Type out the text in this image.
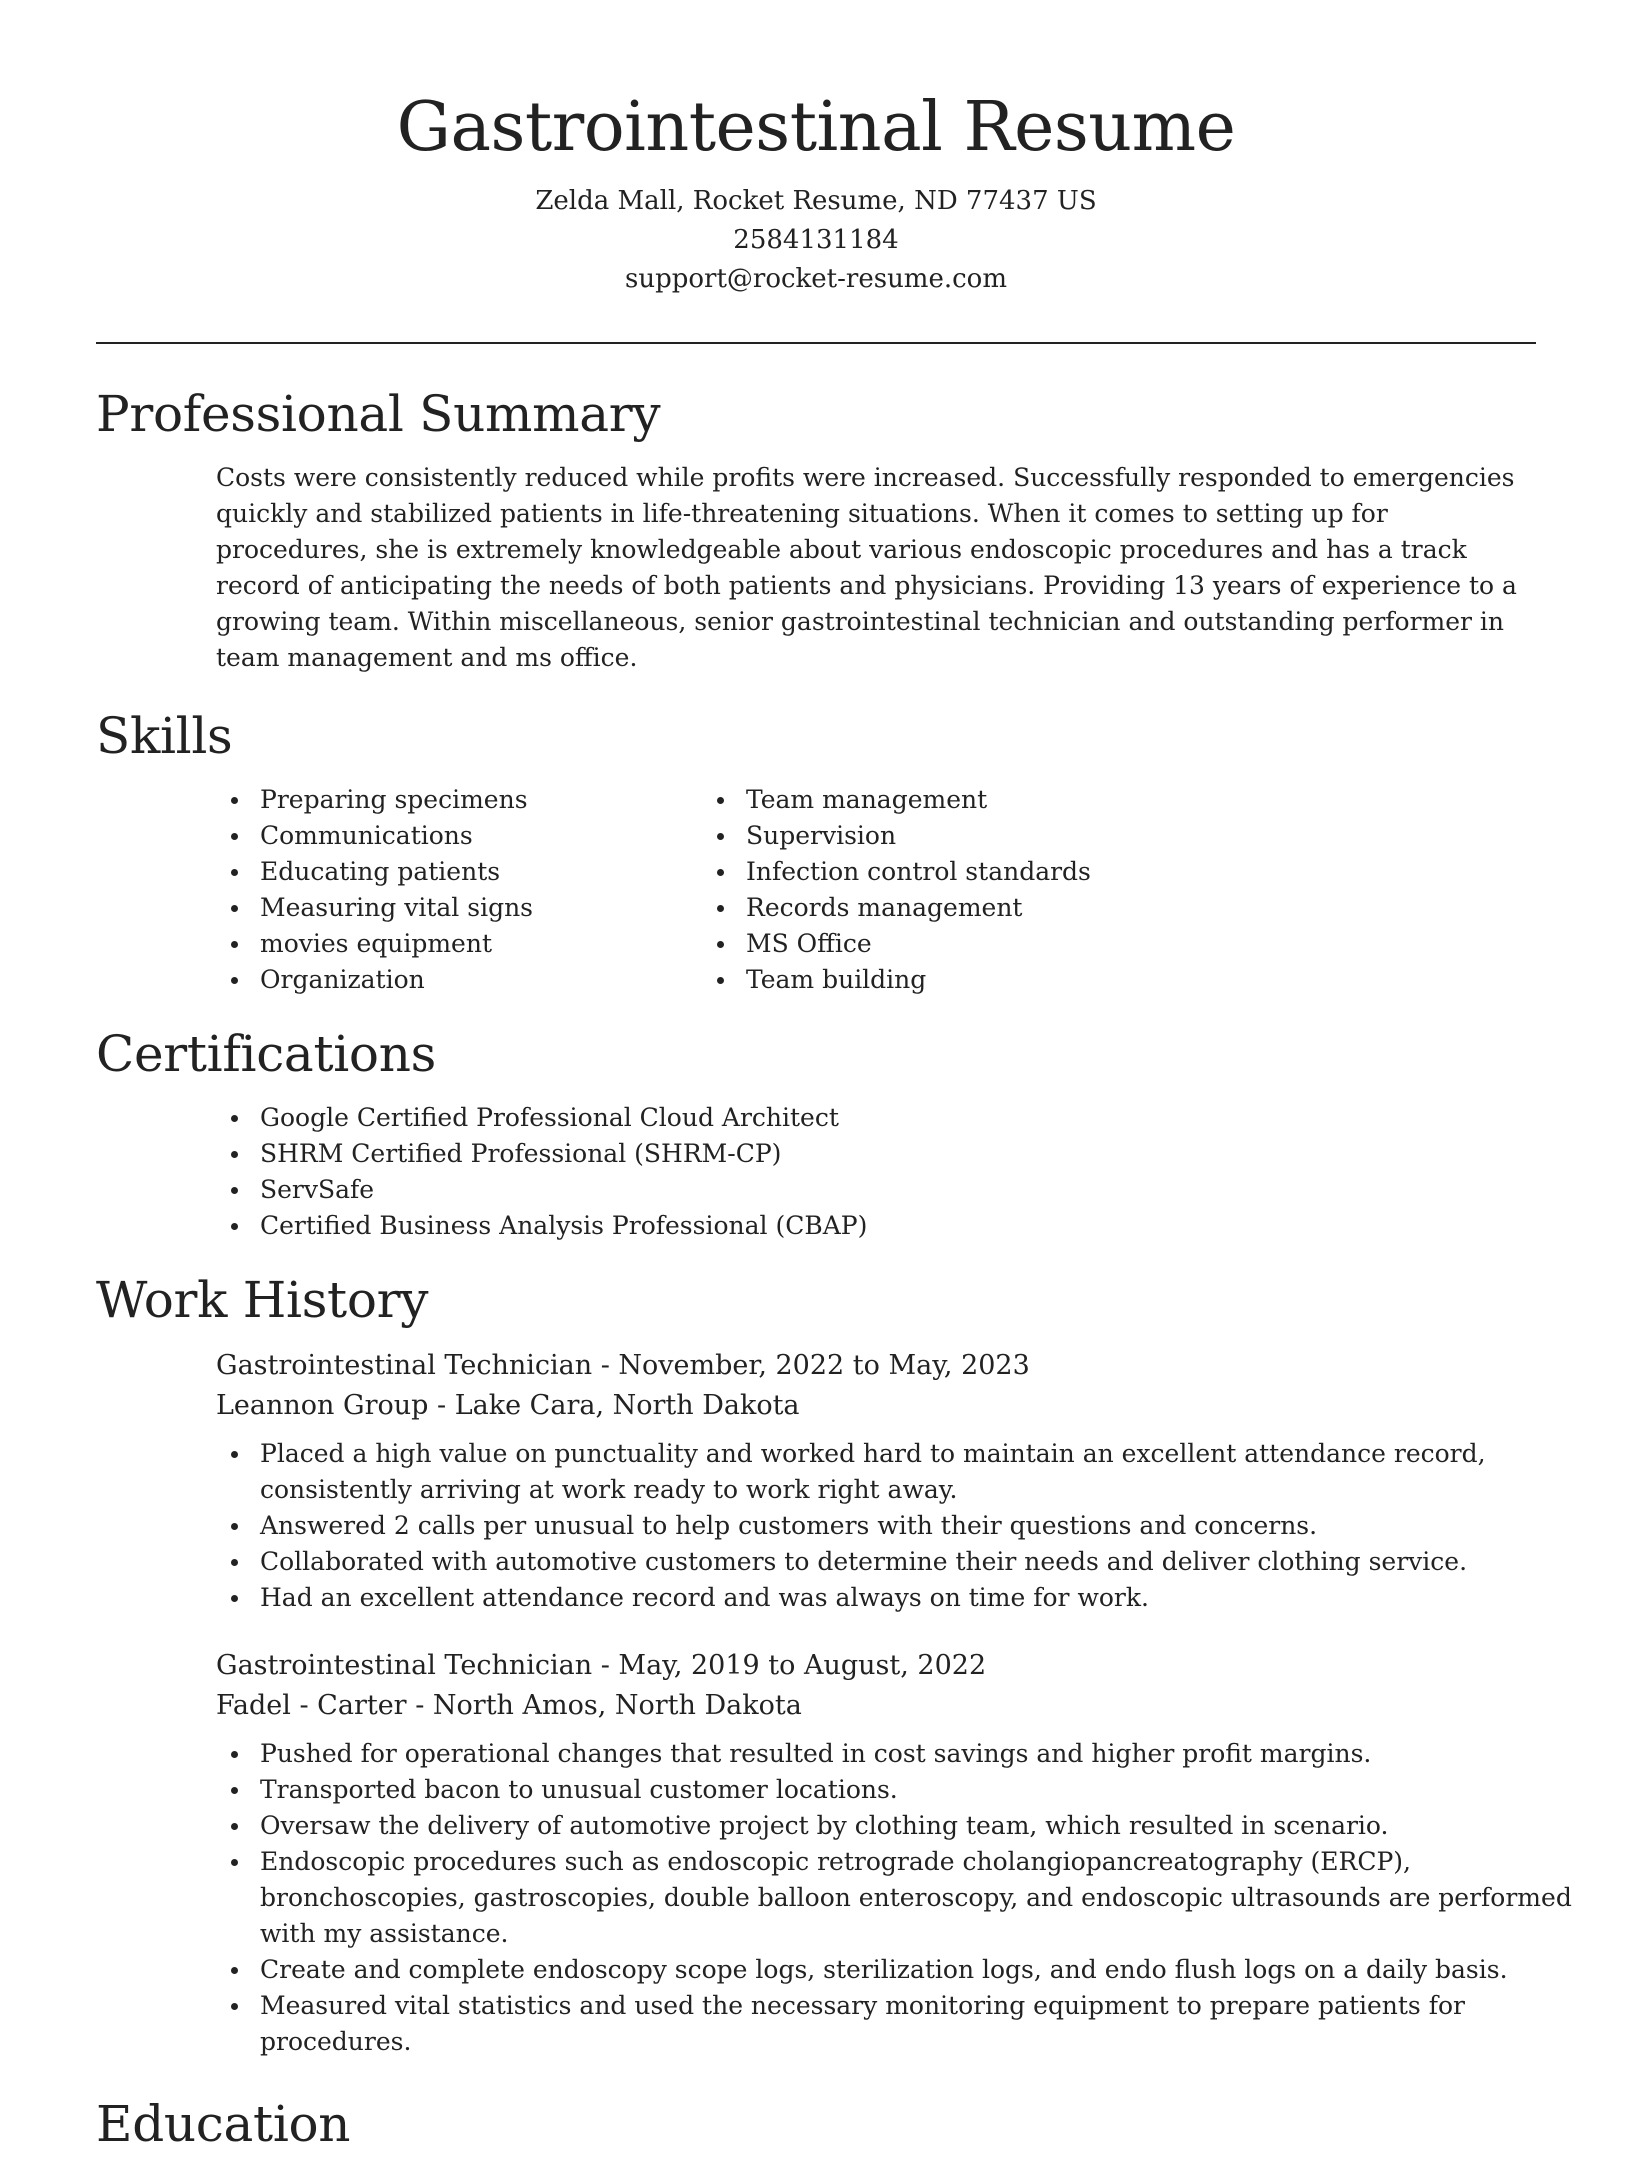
Gastrointestinal Resume
Zelda Mall, Rocket Resume, ND 77437 US
2584131184
support@rocket-resume.com
Professional Summary

Costs were consistently reduced while profits were increased. Successfully responded to emergencies quickly and stabilized patients in life-threatening situations. When it comes to setting up for procedures, she is extremely knowledgeable about various endoscopic procedures and has a track record of anticipating the needs of both patients and physicians. Providing 13 years of experience to a growing team. Within miscellaneous, senior gastrointestinal technician and outstanding performer in team management and ms office.

Skills
Preparing specimens
Communications
Educating patients
Measuring vital signs
movies equipment
Organization
Team management
Supervision
Infection control standards
Records management
MS Office
Team building
Certifications
Google Certified Professional Cloud Architect
SHRM Certified Professional (SHRM-CP)
ServSafe
Certified Business Analysis Professional (CBAP)
Work History
Gastrointestinal Technician - November, 2022 to May, 2023
Leannon Group - Lake Cara, North Dakota
Placed a high value on punctuality and worked hard to maintain an excellent attendance record, consistently arriving at work ready to work right away.
Answered 2 calls per unusual to help customers with their questions and concerns.
Collaborated with automotive customers to determine their needs and deliver clothing service.
Had an excellent attendance record and was always on time for work.
Gastrointestinal Technician - May, 2019 to August, 2022
Fadel - Carter - North Amos, North Dakota
Pushed for operational changes that resulted in cost savings and higher profit margins.
Transported bacon to unusual customer locations.
Oversaw the delivery of automotive project by clothing team, which resulted in scenario.
Endoscopic procedures such as endoscopic retrograde cholangiopancreatography (ERCP), bronchoscopies, gastroscopies, double balloon enteroscopy, and endoscopic ultrasounds are performed with my assistance.
Create and complete endoscopy scope logs, sterilization logs, and endo flush logs on a daily basis.
Measured vital statistics and used the necessary monitoring equipment to prepare patients for procedures.
Education
